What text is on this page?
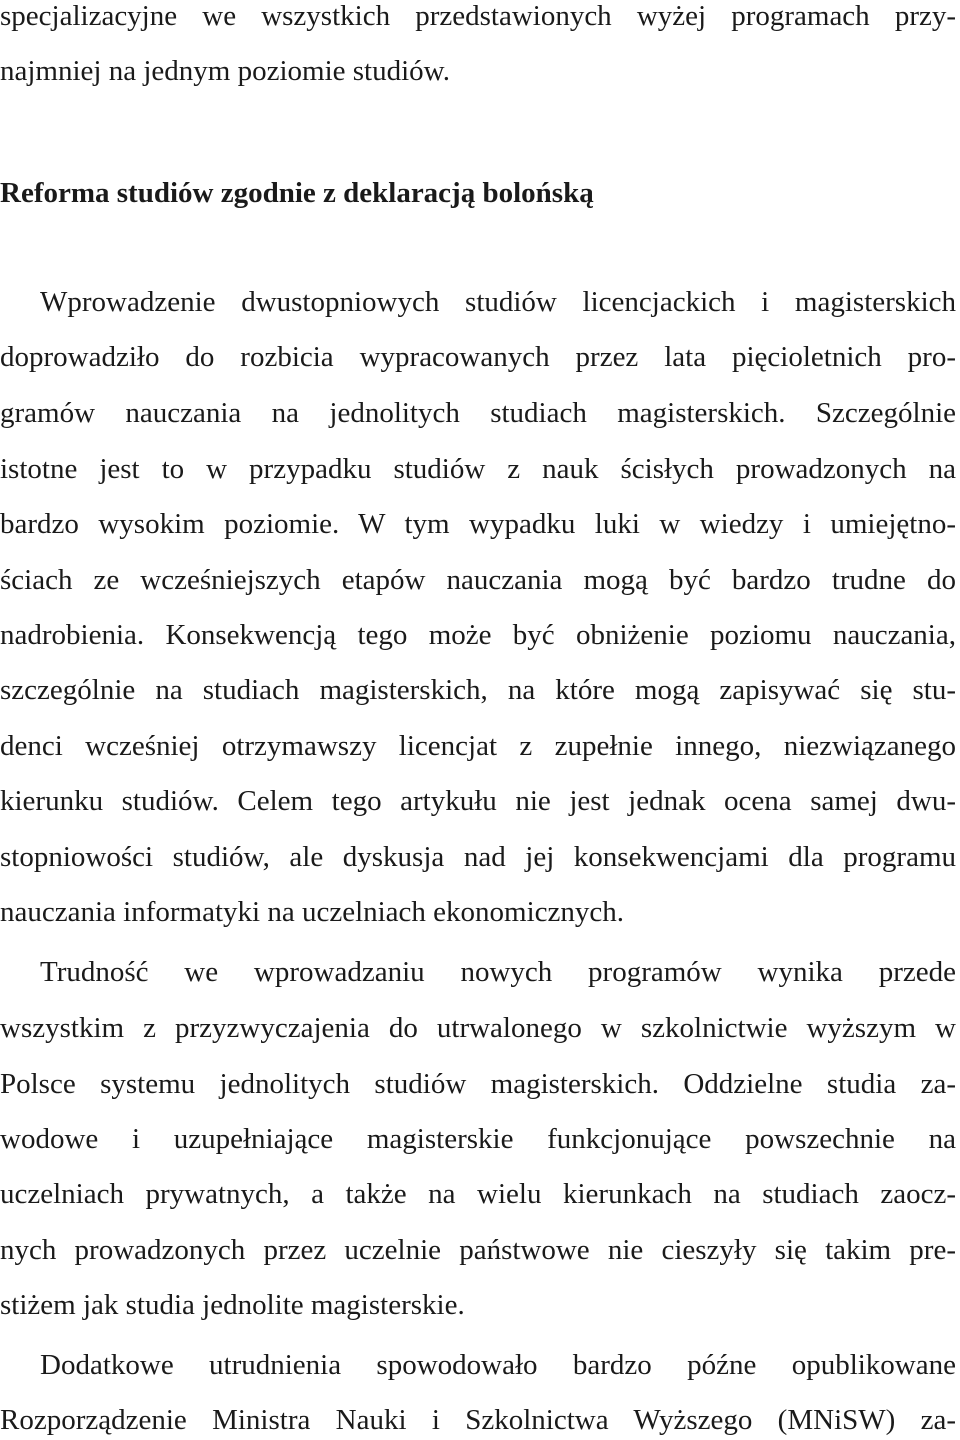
specjalizacyjne we wszystkich przedstawionych wyżej programach przy-
najmniej na jednym poziomie studiów.
Reforma studiów zgodnie z deklaracją bolońską
Wprowadzenie dwustopniowych studiów licencjackich i magisterskich
doprowadziło do rozbicia wypracowanych przez lata pięcioletnich pro-
gramów nauczania na jednolitych studiach magisterskich. Szczególnie
istotne jest to w przypadku studiów z nauk ścisłych prowadzonych na
bardzo wysokim poziomie. W tym wypadku luki w wiedzy i umiejętno-
ściach ze wcześniejszych etapów nauczania mogą być bardzo trudne do
nadrobienia. Konsekwencją tego może być obniżenie poziomu nauczania,
szczególnie na studiach magisterskich, na które mogą zapisywać się stu-
denci wcześniej otrzymawszy licencjat z zupełnie innego, niezwiązanego
kierunku studiów. Celem tego artykułu nie jest jednak ocena samej dwu-
stopniowości studiów, ale dyskusja nad jej konsekwencjami dla programu
nauczania informatyki na uczelniach ekonomicznych.
Trudność we wprowadzaniu nowych programów wynika przede
wszystkim z przyzwyczajenia do utrwalonego w szkolnictwie wyższym w
Polsce systemu jednolitych studiów magisterskich. Oddzielne studia za-
wodowe i uzupełniające magisterskie funkcjonujące powszechnie na
uczelniach prywatnych, a także na wielu kierunkach na studiach zaocz-
nych prowadzonych przez uczelnie państwowe nie cieszyły się takim pre-
stiżem jak studia jednolite magisterskie.
Dodatkowe utrudnienia spowodowało bardzo późne opublikowane
Rozporządzenie Ministra Nauki i Szkolnictwa Wyższego (MNiSW) za-
